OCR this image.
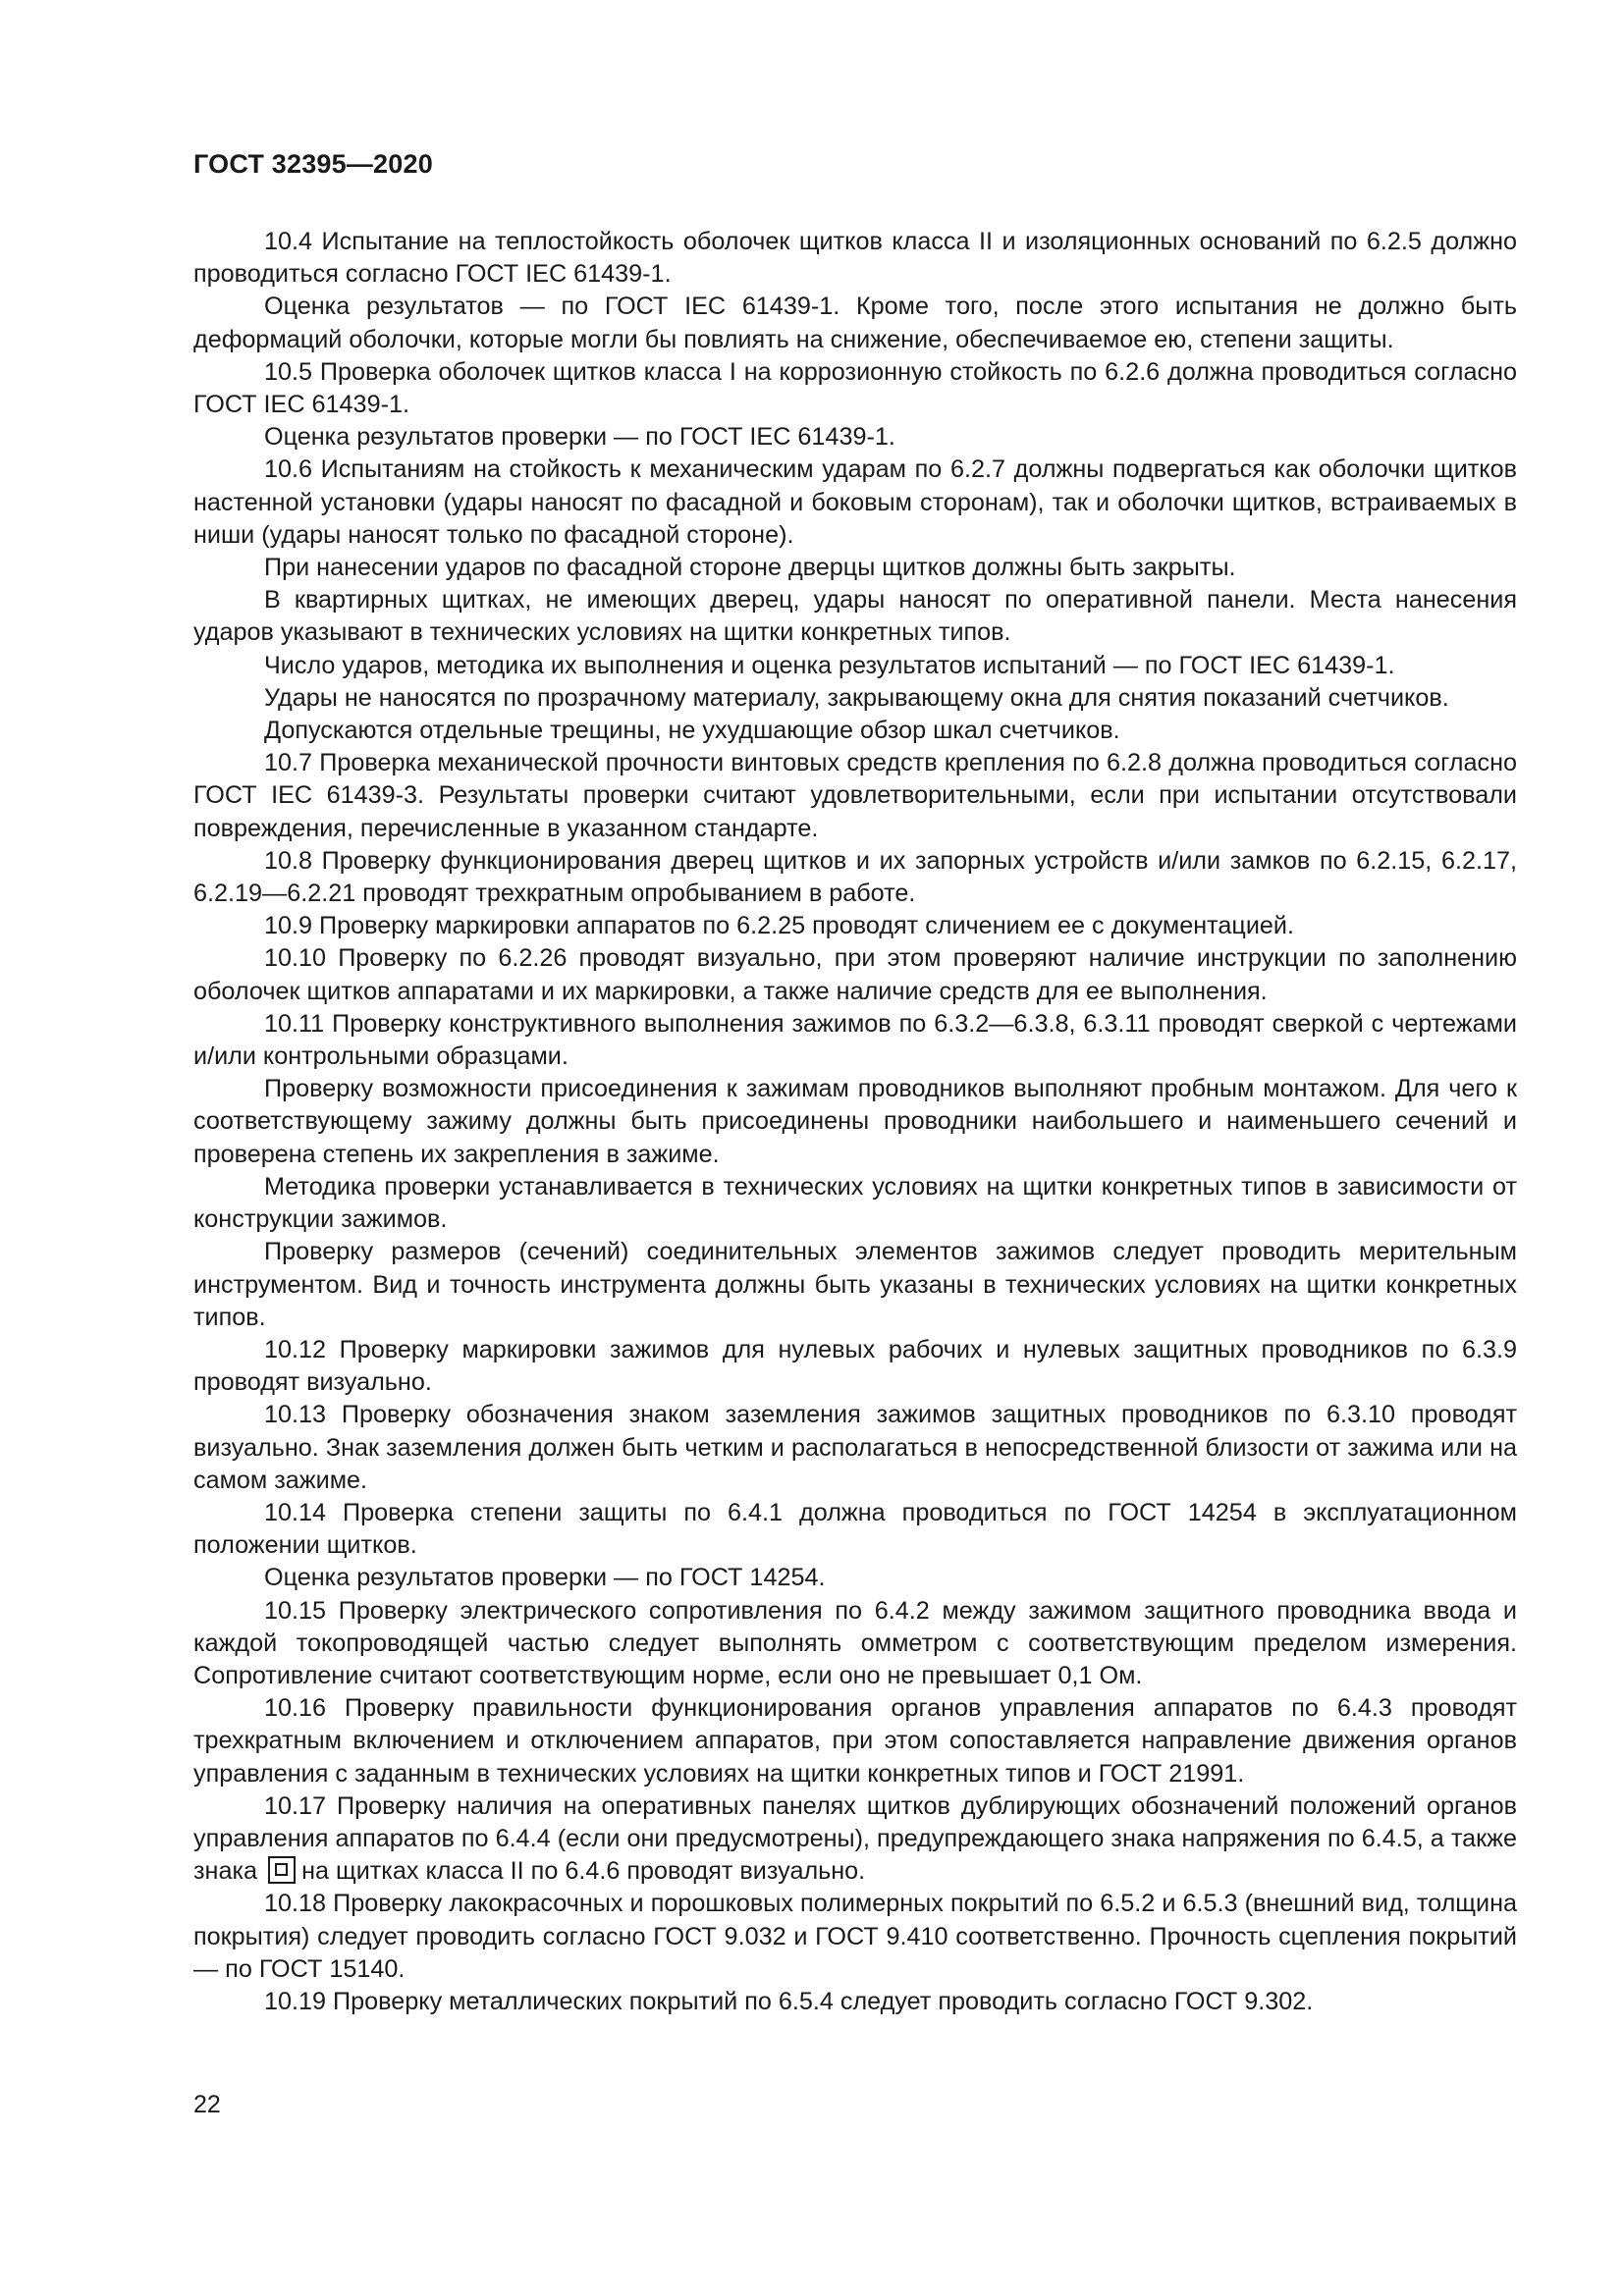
ГОСТ 32395—2020

10.4 Испытание на теплостойкость оболочек щитков класса II и изоляционных оснований по 6.2.5 должно проводиться согласно ГОСТ IEC 61439-1.

Оценка результатов — по ГОСТ IEC 61439-1. Кроме того, после этого испытания не должно быть деформаций оболочки, которые могли бы повлиять на снижение, обеспечиваемое ею, степени защиты.

10.5 Проверка оболочек щитков класса I на коррозионную стойкость по 6.2.6 должна проводиться согласно ГОСТ IEC 61439-1.

Оценка результатов проверки — по ГОСТ IEC 61439-1.

10.6 Испытаниям на стойкость к механическим ударам по 6.2.7 должны подвергаться как оболочки щитков настенной установки (удары наносят по фасадной и боковым сторонам), так и оболочки щитков, встраиваемых в ниши (удары наносят только по фасадной стороне).

При нанесении ударов по фасадной стороне дверцы щитков должны быть закрыты.

В квартирных щитках, не имеющих дверец, удары наносят по оперативной панели. Места нанесения ударов указывают в технических условиях на щитки конкретных типов.

Число ударов, методика их выполнения и оценка результатов испытаний — по ГОСТ IEC 61439-1.

Удары не наносятся по прозрачному материалу, закрывающему окна для снятия показаний счетчиков.

Допускаются отдельные трещины, не ухудшающие обзор шкал счетчиков.

10.7 Проверка механической прочности винтовых средств крепления по 6.2.8 должна проводиться согласно ГОСТ IEC 61439-3. Результаты проверки считают удовлетворительными, если при испытании отсутствовали повреждения, перечисленные в указанном стандарте.

10.8 Проверку функционирования дверец щитков и их запорных устройств и/или замков по 6.2.15, 6.2.17, 6.2.19—6.2.21 проводят трехкратным опробыванием в работе.

10.9 Проверку маркировки аппаратов по 6.2.25 проводят сличением ее с документацией.

10.10 Проверку по 6.2.26 проводят визуально, при этом проверяют наличие инструкции по заполнению оболочек щитков аппаратами и их маркировки, а также наличие средств для ее выполнения.

10.11 Проверку конструктивного выполнения зажимов по 6.3.2—6.3.8, 6.3.11 проводят сверкой с чертежами и/или контрольными образцами.

Проверку возможности присоединения к зажимам проводников выполняют пробным монтажом. Для чего к соответствующему зажиму должны быть присоединены проводники наибольшего и наименьшего сечений и проверена степень их закрепления в зажиме.

Методика проверки устанавливается в технических условиях на щитки конкретных типов в зависимости от конструкции зажимов.

Проверку размеров (сечений) соединительных элементов зажимов следует проводить мерительным инструментом. Вид и точность инструмента должны быть указаны в технических условиях на щитки конкретных типов.

10.12 Проверку маркировки зажимов для нулевых рабочих и нулевых защитных проводников по 6.3.9 проводят визуально.

10.13 Проверку обозначения знаком заземления зажимов защитных проводников по 6.3.10 проводят визуально. Знак заземления должен быть четким и располагаться в непосредственной близости от зажима или на самом зажиме.

10.14 Проверка степени защиты по 6.4.1 должна проводиться по ГОСТ 14254 в эксплуатационном положении щитков.

Оценка результатов проверки — по ГОСТ 14254.

10.15 Проверку электрического сопротивления по 6.4.2 между зажимом защитного проводника ввода и каждой токопроводящей частью следует выполнять омметром с соответствующим пределом измерения. Сопротивление считают соответствующим норме, если оно не превышает 0,1 Ом.

10.16 Проверку правильности функционирования органов управления аппаратов по 6.4.3 проводят трехкратным включением и отключением аппаратов, при этом сопоставляется направление движения органов управления с заданным в технических условиях на щитки конкретных типов и ГОСТ 21991.

10.17 Проверку наличия на оперативных панелях щитков дублирующих обозначений положений органов управления аппаратов по 6.4.4 (если они предусмотрены), предупреждающего знака напряжения по 6.4.5, а также знака на щитках класса II по 6.4.6 проводят визуально.

10.18 Проверку лакокрасочных и порошковых полимерных покрытий по 6.5.2 и 6.5.3 (внешний вид, толщина покрытия) следует проводить согласно ГОСТ 9.032 и ГОСТ 9.410 соответственно. Прочность сцепления покрытий — по ГОСТ 15140.

10.19 Проверку металлических покрытий по 6.5.4 следует проводить согласно ГОСТ 9.302.

22
